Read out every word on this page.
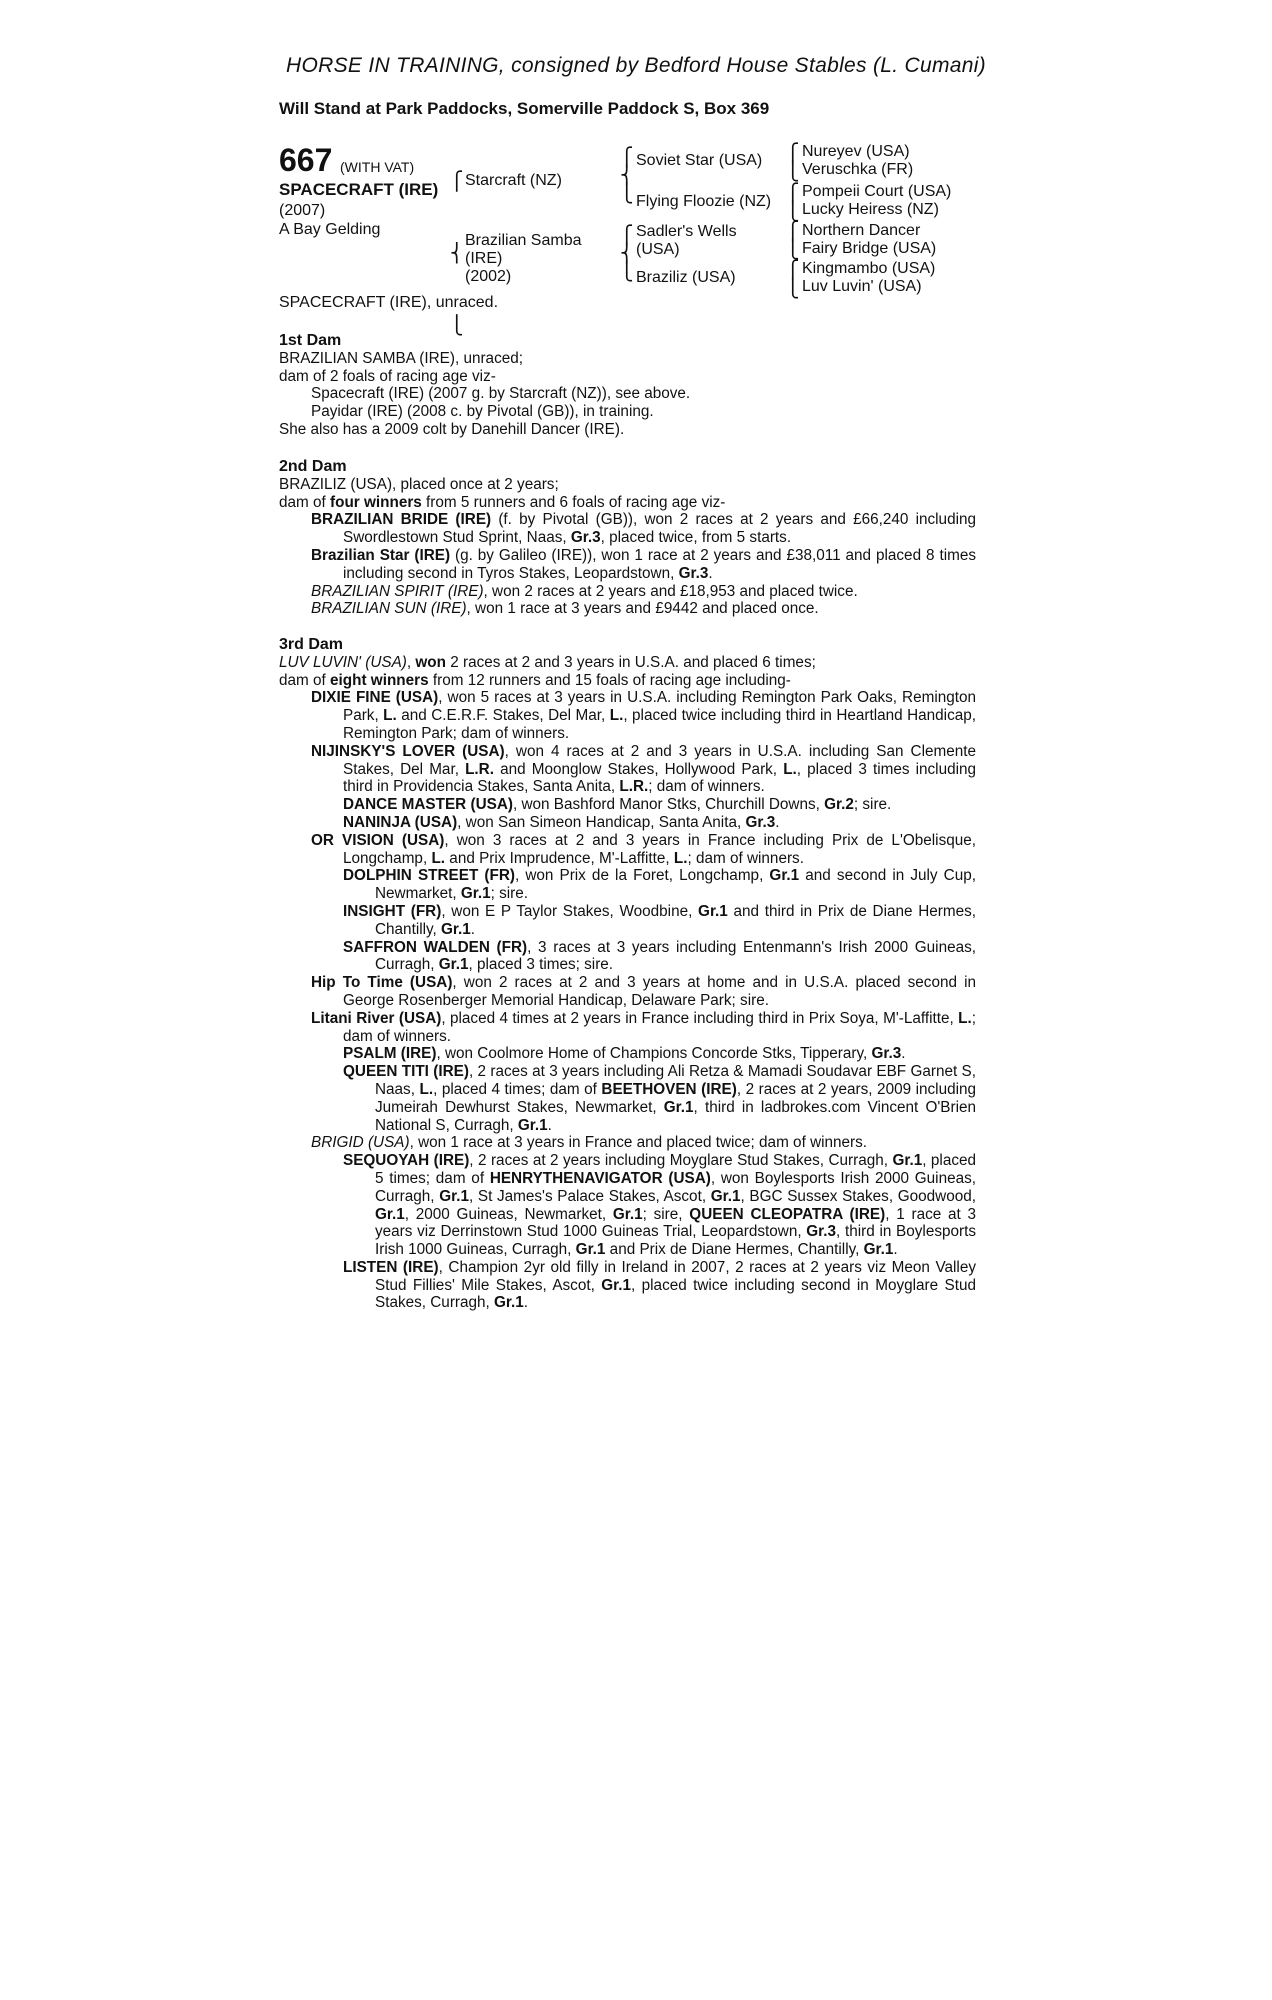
HORSE IN TRAINING, consigned by Bedford House Stables (L. Cumani)
Will Stand at Park Paddocks, Somerville Paddock S, Box 369
667 (WITH VAT)
SPACECRAFT (IRE)
(2007)
A Bay Gelding
⎧

⎨

⎩
⎧
⎨
⎩
⎧
⎨
⎩
⎧
⎩
⎧
⎩
⎧
⎩
⎧
⎩
Starcraft (NZ)
Brazilian Samba
(IRE)
(2002)
Soviet Star (USA)
Flying Floozie (NZ)
Sadler's Wells
(USA)
Braziliz (USA)
Nureyev (USA)
Veruschka (FR)
Pompeii Court (USA)
Lucky Heiress (NZ)
Northern Dancer
Fairy Bridge (USA)
Kingmambo (USA)
Luv Luvin' (USA)
SPACECRAFT (IRE), unraced.

1st Dam

BRAZILIAN SAMBA (IRE), unraced;

dam of 2 foals of racing age viz-

Spacecraft (IRE) (2007 g. by Starcraft (NZ)), see above.

Payidar (IRE) (2008 c. by Pivotal (GB)), in training.

She also has a 2009 colt by Danehill Dancer (IRE).

2nd Dam

BRAZILIZ (USA), placed once at 2 years;

dam of four winners from 5 runners and 6 foals of racing age viz-

BRAZILIAN BRIDE (IRE) (f. by Pivotal (GB)), won 2 races at 2 years and £66,240 including Swordlestown Stud Sprint, Naas, Gr.3, placed twice, from 5 starts.

Brazilian Star (IRE) (g. by Galileo (IRE)), won 1 race at 2 years and £38,011 and placed 8 times including second in Tyros Stakes, Leopardstown, Gr.3.

BRAZILIAN SPIRIT (IRE), won 2 races at 2 years and £18,953 and placed twice.

BRAZILIAN SUN (IRE), won 1 race at 3 years and £9442 and placed once.

3rd Dam

LUV LUVIN' (USA), won 2 races at 2 and 3 years in U.S.A. and placed 6 times;

dam of eight winners from 12 runners and 15 foals of racing age including-

DIXIE FINE (USA), won 5 races at 3 years in U.S.A. including Remington Park Oaks, Remington Park, L. and C.E.R.F. Stakes, Del Mar, L., placed twice including third in Heartland Handicap, Remington Park; dam of winners.

NIJINSKY'S LOVER (USA), won 4 races at 2 and 3 years in U.S.A. including San Clemente Stakes, Del Mar, L.R. and Moonglow Stakes, Hollywood Park, L., placed 3 times including third in Providencia Stakes, Santa Anita, L.R.; dam of winners.

DANCE MASTER (USA), won Bashford Manor Stks, Churchill Downs, Gr.2; sire.

NANINJA (USA), won San Simeon Handicap, Santa Anita, Gr.3.

OR VISION (USA), won 3 races at 2 and 3 years in France including Prix de L'Obelisque, Longchamp, L. and Prix Imprudence, M'-Laffitte, L.; dam of winners.

DOLPHIN STREET (FR), won Prix de la Foret, Longchamp, Gr.1 and second in July Cup, Newmarket, Gr.1; sire.

INSIGHT (FR), won E P Taylor Stakes, Woodbine, Gr.1 and third in Prix de Diane Hermes, Chantilly, Gr.1.

SAFFRON WALDEN (FR), 3 races at 3 years including Entenmann's Irish 2000 Guineas, Curragh, Gr.1, placed 3 times; sire.

Hip To Time (USA), won 2 races at 2 and 3 years at home and in U.S.A. placed second in George Rosenberger Memorial Handicap, Delaware Park; sire.

Litani River (USA), placed 4 times at 2 years in France including third in Prix Soya, M'-Laffitte, L.; dam of winners.

PSALM (IRE), won Coolmore Home of Champions Concorde Stks, Tipperary, Gr.3.

QUEEN TITI (IRE), 2 races at 3 years including Ali Retza & Mamadi Soudavar EBF Garnet S, Naas, L., placed 4 times; dam of BEETHOVEN (IRE), 2 races at 2 years, 2009 including Jumeirah Dewhurst Stakes, Newmarket, Gr.1, third in ladbrokes.com Vincent O'Brien National S, Curragh, Gr.1.

BRIGID (USA), won 1 race at 3 years in France and placed twice; dam of winners.

SEQUOYAH (IRE), 2 races at 2 years including Moyglare Stud Stakes, Curragh, Gr.1, placed 5 times; dam of HENRYTHENAVIGATOR (USA), won Boylesports Irish 2000 Guineas, Curragh, Gr.1, St James's Palace Stakes, Ascot, Gr.1, BGC Sussex Stakes, Goodwood, Gr.1, 2000 Guineas, Newmarket, Gr.1; sire, QUEEN CLEOPATRA (IRE), 1 race at 3 years viz Derrinstown Stud 1000 Guineas Trial, Leopardstown, Gr.3, third in Boylesports Irish 1000 Guineas, Curragh, Gr.1 and Prix de Diane Hermes, Chantilly, Gr.1.

LISTEN (IRE), Champion 2yr old filly in Ireland in 2007, 2 races at 2 years viz Meon Valley Stud Fillies' Mile Stakes, Ascot, Gr.1, placed twice including second in Moyglare Stud Stakes, Curragh, Gr.1.
